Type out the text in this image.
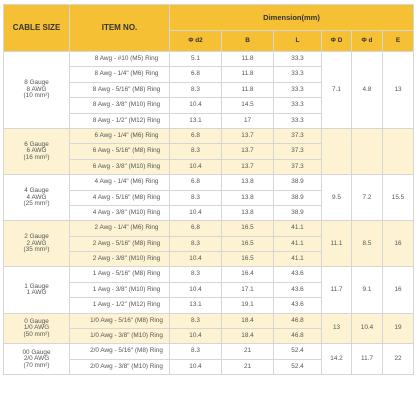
CABLE SIZE	ITEM NO.	Dimension(mm)					
		Φ d2	B	L	Φ D	Φ d	E

8 Gauge
8 AWG
(10 mm²)	8 Awg - #10 (M5) Ring	5.1	11.8	33.3	7.1	4.8	13
	8 Awg - 1/4" (M6) Ring	6.8	11.8	33.3			
	8 Awg - 5/16" (M8) Ring	8.3	11.8	33.3			
	8 Awg - 3/8" (M10) Ring	10.4	14.5	33.3			
	8 Awg - 1/2" (M12) Ring	13.1	17	33.3			

6 Gauge
6 AWG
(16 mm²)	6 Awg - 1/4" (M6) Ring	6.8	13.7	37.3			
	6 Awg - 5/16" (M8) Ring	8.3	13.7	37.3			
	6 Awg - 3/8" (M10) Ring	10.4	13.7	37.3			

4 Gauge
4 AWG
(25 mm²)	4 Awg - 1/4" (M6) Ring	6.8	13.8	38.9	9.5	7.2	15.5
	4 Awg - 5/16" (M8) Ring	8.3	13.8	38.9			
	4 Awg - 3/8" (M10) Ring	10.4	13.8	38.9			

2 Gauge
2 AWG
(35 mm²)	2 Awg - 1/4" (M6) Ring	6.8	16.5	41.1	11.1	8.5	16
	2 Awg - 5/16" (M8) Ring	8.3	16.5	41.1			
	2 Awg - 3/8" (M10) Ring	10.4	16.5	41.1			

1 Gauge
1 AWG	1 Awg - 5/16" (M8) Ring	8.3	16.4	43.6	11.7	9.1	16
	1 Awg - 3/8" (M10) Ring	10.4	17.1	43.6			
	1 Awg - 1/2" (M12) Ring	13.1	19.1	43.6			

0 Gauge
1/0 AWG
(50 mm²)	1/0 Awg - 5/16" (M8) Ring	8.3	18.4	46.8	13	10.4	19
	1/0 Awg - 3/8" (M10) Ring	10.4	18.4	46.8			

00 Gauge
2/0 AWG
(70 mm²)	2/0 Awg - 5/16" (M8) Ring	8.3	21	52.4	14.2	11.7	22
	2/0 Awg - 3/8" (M10) Ring	10.4	21	52.4			
